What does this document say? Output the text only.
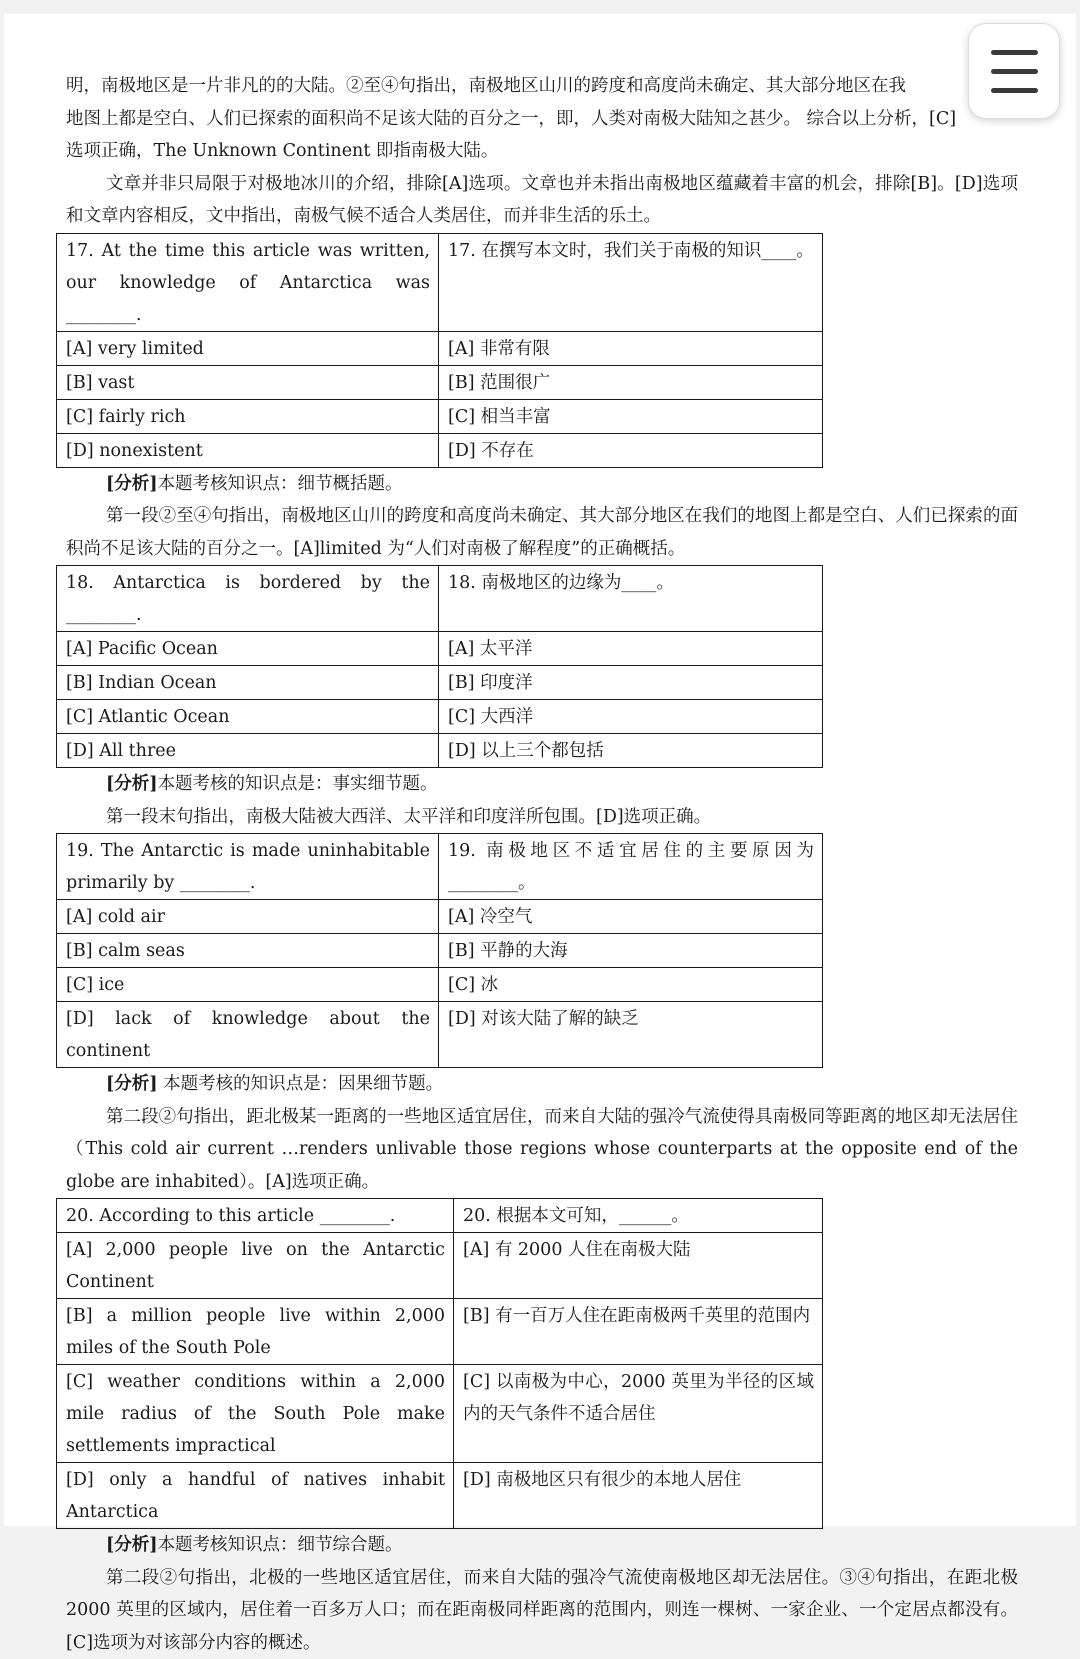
明，南极地区是一片非凡的的大陆。②至④句指出，南极地区山川的跨度和高度尚未确定、其大部分地区在我

地图上都是空白、人们已探索的面积尚不足该大陆的百分之一，即，人类对南极大陆知之甚少。 综合以上分析，[C]

选项正确，The Unknown Continent 即指南极大陆。

文章并非只局限于对极地冰川的介绍，排除[A]选项。文章也并未指出南极地区蕴藏着丰富的机会，排除[B]。[D]选项和文章内容相反，文中指出，南极气候不适合人类居住，而并非生活的乐土。

17. At the time this article was written, our knowledge of Antarctica was ________.	17. 在撰写本文时，我们关于南极的知识____。
[A] very limited	[A] 非常有限
[B] vast	[B] 范围很广
[C] fairly rich	[C] 相当丰富
[D] nonexistent	[D] 不存在

[分析]本题考核知识点：细节概括题。

第一段②至④句指出，南极地区山川的跨度和高度尚未确定、其大部分地区在我们的地图上都是空白、人们已探索的面积尚不足该大陆的百分之一。[A]limited 为“人们对南极了解程度”的正确概括。

18. Antarctica is bordered by the ________.	18. 南极地区的边缘为____。
[A] Pacific Ocean	[A] 太平洋
[B] Indian Ocean	[B] 印度洋
[C] Atlantic Ocean	[C] 大西洋
[D] All three	[D] 以上三个都包括

[分析]本题考核的知识点是：事实细节题。

第一段末句指出，南极大陆被大西洋、太平洋和印度洋所包围。[D]选项正确。

19. The Antarctic is made uninhabitable primarily by ________.	19. 南极地区不适宜居住的主要原因为________。
[A] cold air	[A] 冷空气
[B] calm seas	[B] 平静的大海
[C] ice	[C] 冰
[D] lack of knowledge about the continent	[D] 对该大陆了解的缺乏

[分析] 本题考核的知识点是：因果细节题。

第二段②句指出，距北极某一距离的一些地区适宜居住，而来自大陆的强冷气流使得具南极同等距离的地区却无法居住（This cold air current …renders unlivable those regions whose counterparts at the opposite end of the globe are inhabited）。[A]选项正确。

20. According to this article ________.	20. 根据本文可知，______。
[A] 2,000 people live on the Antarctic Continent	[A] 有 2000 人住在南极大陆
[B] a million people live within 2,000 miles of the South Pole	[B] 有一百万人住在距南极两千英里的范围内
[C] weather conditions within a 2,000 mile radius of the South Pole make settlements impractical	[C] 以南极为中心，2000 英里为半径的区域内的天气条件不适合居住
[D] only a handful of natives inhabit Antarctica	[D] 南极地区只有很少的本地人居住

[分析]本题考核知识点：细节综合题。

第二段②句指出，北极的一些地区适宜居住，而来自大陆的强冷气流使南极地区却无法居住。③④句指出，在距北极 2000 英里的区域内，居住着一百多万人口；而在距南极同样距离的范围内，则连一棵树、一家企业、一个定居点都没有。 [C]选项为对该部分内容的概述。
